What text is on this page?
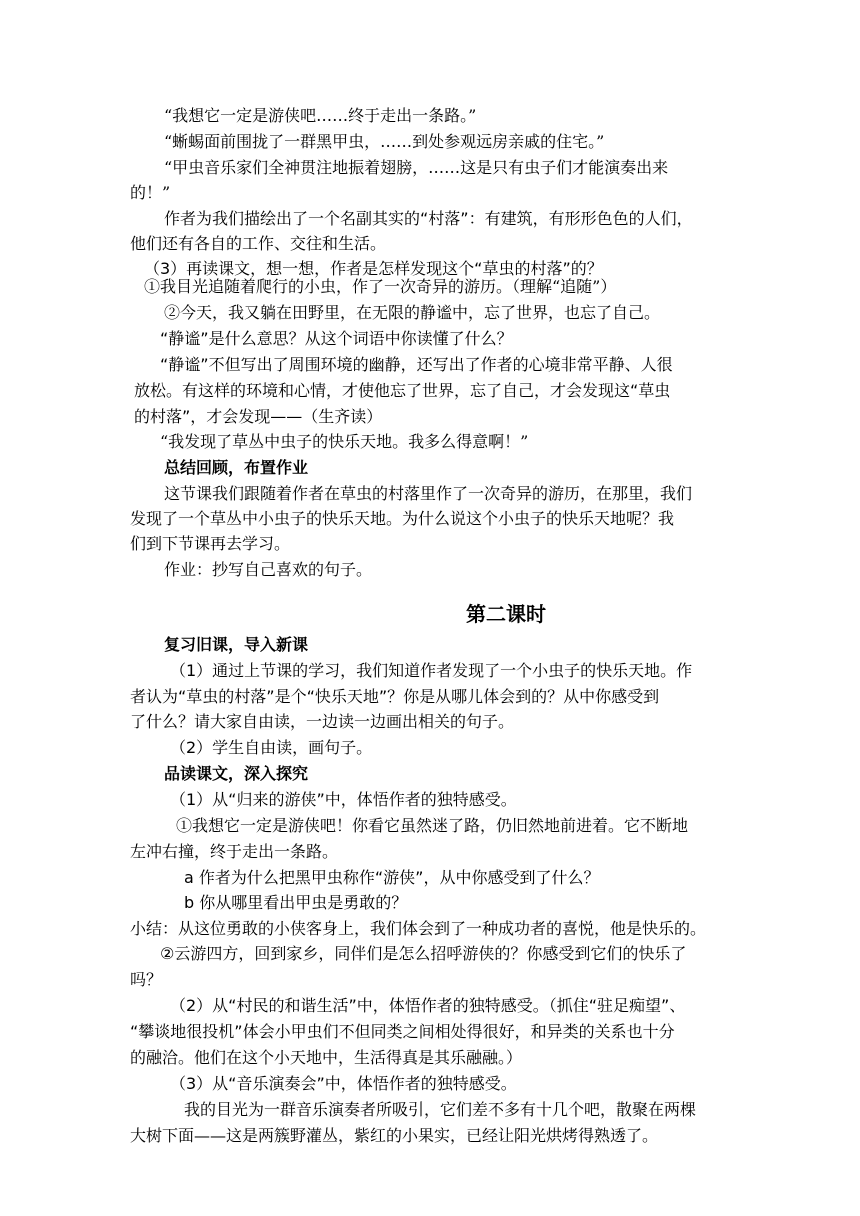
“我想它一定是游侠吧……终于走出一条路。”

“蜥蜴面前围拢了一群黑甲虫，……到处参观远房亲戚的住宅。”

“甲虫音乐家们全神贯注地振着翅膀，……这是只有虫子们才能演奏出来

的！”

作者为我们描绘出了一个名副其实的“村落”：有建筑，有形形色色的人们，

他们还有各自的工作、交往和生活。

（3）再读课文，想一想，作者是怎样发现这个“草虫的村落”的？

①我目光追随着爬行的小虫，作了一次奇异的游历。（理解“追随”）

②今天，我又躺在田野里，在无限的静谧中，忘了世界，也忘了自己。

“静谧”是什么意思？从这个词语中你读懂了什么？

“静谧”不但写出了周围环境的幽静，还写出了作者的心境非常平静、人很

放松。有这样的环境和心情，才使他忘了世界，忘了自己，才会发现这“草虫

的村落”，才会发现——（生齐读）

“我发现了草丛中虫子的快乐天地。我多么得意啊！”

总结回顾，布置作业

这节课我们跟随着作者在草虫的村落里作了一次奇异的游历，在那里，我们

发现了一个草丛中小虫子的快乐天地。为什么说这个小虫子的快乐天地呢？我

们到下节课再去学习。

作业：抄写自己喜欢的句子。

第二课时

复习旧课，导入新课

（1）通过上节课的学习，我们知道作者发现了一个小虫子的快乐天地。作

者认为“草虫的村落”是个“快乐天地”？你是从哪儿体会到的？从中你感受到

了什么？请大家自由读，一边读一边画出相关的句子。

（2）学生自由读，画句子。

品读课文，深入探究

（1）从“归来的游侠”中，体悟作者的独特感受。

①我想它一定是游侠吧！你看它虽然迷了路，仍旧然地前进着。它不断地

左冲右撞，终于走出一条路。

a 作者为什么把黑甲虫称作“游侠”，从中你感受到了什么？

b 你从哪里看出甲虫是勇敢的？

小结：从这位勇敢的小侠客身上，我们体会到了一种成功者的喜悦，他是快乐的。

②云游四方，回到家乡，同伴们是怎么招呼游侠的？你感受到它们的快乐了

吗？

（2）从“村民的和谐生活”中，体悟作者的独特感受。（抓住“驻足痴望”、

“攀谈地很投机”体会小甲虫们不但同类之间相处得很好，和异类的关系也十分

的融洽。他们在这个小天地中，生活得真是其乐融融。）

（3）从“音乐演奏会”中，体悟作者的独特感受。

我的目光为一群音乐演奏者所吸引，它们差不多有十几个吧，散聚在两棵

大树下面——这是两簇野灌丛，紫红的小果实，已经让阳光烘烤得熟透了。
